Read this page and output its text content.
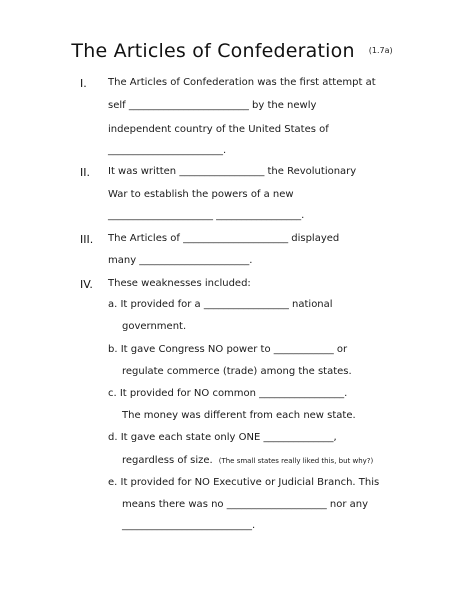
The Articles of Confederation $^{(1.7a)}$
I. The Articles of Confederation was the first attempt at
self ________________________ by the newly
independent country of the United States of
_______________________.
II. It was written _________________ the Revolutionary
War to establish the powers of a new
_____________________ _________________.
III. The Articles of _____________________ displayed
many ______________________.
IV. These weaknesses included:
a. It provided for a _________________ national
government.
b. It gave Congress NO power to ____________ or
regulate commerce (trade) among the states.
c. It provided for NO common _________________.
The money was different from each new state.
d. It gave each state only ONE ______________,
regardless of size. (The small states really liked this, but why?)
e. It provided for NO Executive or Judicial Branch. This
means there was no ____________________ nor any
__________________________.
